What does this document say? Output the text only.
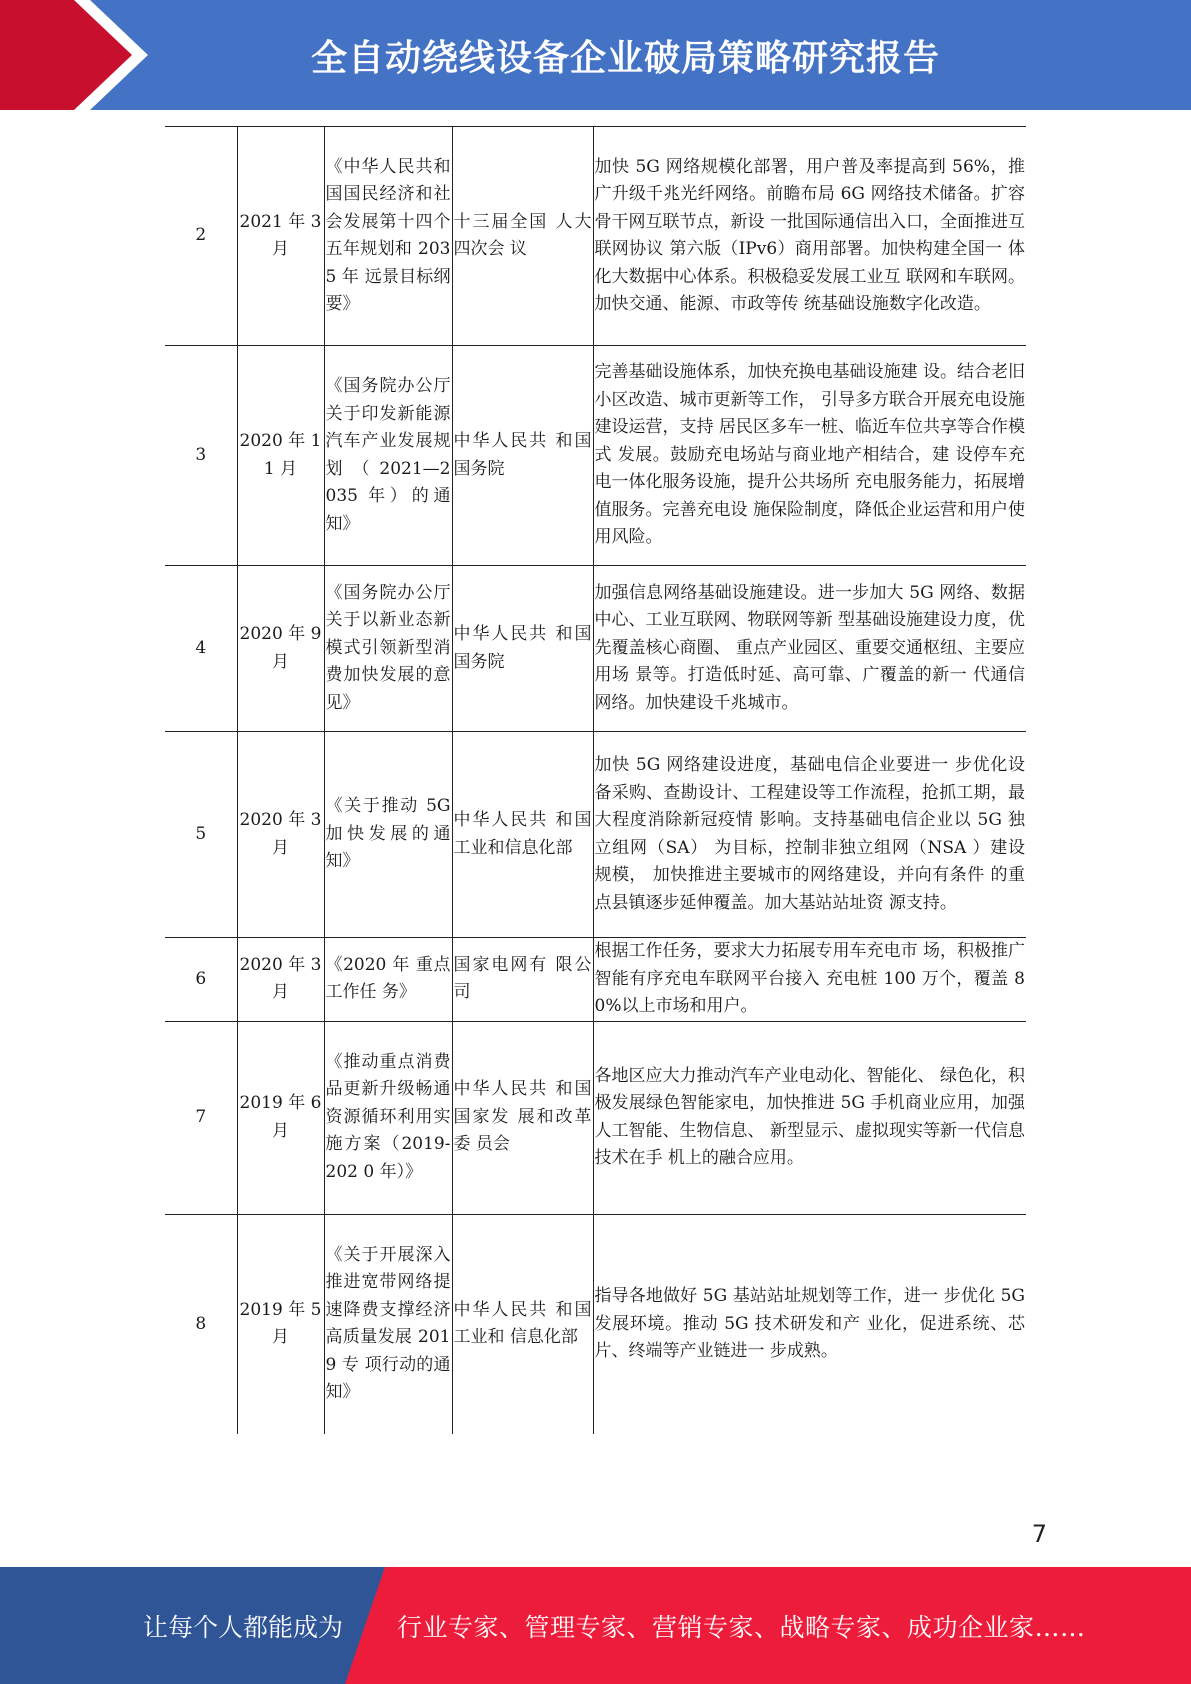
全自动绕线设备企业破局策略研究报告
2	2021 年 3 月	《中华人民共和国国民经济和社会发展第十四个五年规划和 2035 年 远景目标纲 要》	十三届全国 人大四次会 议	加快 5G 网络规模化部署，用户普及率提高到 56%，推广升级千兆光纤网络。前瞻布局 6G 网络技术储备。扩容骨干网互联节点，新设 一批国际通信出入口，全面推进互联网协议 第六版（IPv6）商用部署。加快构建全国一 体化大数据中心体系。积极稳妥发展工业互 联网和车联网。加快交通、能源、市政等传 统基础设施数字化改造。
3	2020 年 11 月	《国务院办公厅关于印发新能源汽车产业发展规 划 （ 2021—2035 年）的通知》	中华人民共 和国国务院	完善基础设施体系，加快充换电基础设施建 设。结合老旧小区改造、城市更新等工作， 引导多方联合开展充电设施建设运营，支持 居民区多车一桩、临近车位共享等合作模式 发展。鼓励充电场站与商业地产相结合，建 设停车充电一体化服务设施，提升公共场所 充电服务能力，拓展增值服务。完善充电设 施保险制度，降低企业运营和用户使用风险。
4	2020 年 9 月	《国务院办公厅关于以新业态新模式引领新型消费加快发展的意见》	中华人民共 和国国务院	加强信息网络基础设施建设。进一步加大 5G 网络、数据中心、工业互联网、物联网等新 型基础设施建设力度，优先覆盖核心商圈、 重点产业园区、重要交通枢纽、主要应用场 景等。打造低时延、高可靠、广覆盖的新一 代通信网络。加快建设千兆城市。
5	2020 年 3 月	《关于推动 5G 加快发展的通知》	中华人民共 和国工业和信息化部	加快 5G 网络建设进度，基础电信企业要进一 步优化设备采购、查勘设计、工程建设等工作流程，抢抓工期，最大程度消除新冠疫情 影响。支持基础电信企业以 5G 独立组网（SA） 为目标，控制非独立组网（NSA ）建设规模， 加快推进主要城市的网络建设，并向有条件 的重点县镇逐步延伸覆盖。加大基站站址资 源支持。
6	2020 年 3 月	《2020 年 重点工作任 务》	国家电网有 限公司	根据工作任务，要求大力拓展专用车充电市 场，积极推广智能有序充电车联网平台接入 充电桩 100 万个，覆盖 80%以上市场和用户。
7	2019 年 6 月	《推动重点消费品更新升级畅通资源循环利用实施方案（2019-202 0 年）》	中华人民共 和国国家发 展和改革委 员会	各地区应大力推动汽车产业电动化、智能化、 绿色化，积极发展绿色智能家电，加快推进 5G 手机商业应用，加强人工智能、生物信息、 新型显示、虚拟现实等新一代信息技术在手 机上的融合应用。
8	2019 年 5 月	《关于开展深入推进宽带网络提速降费支撑经济高质量发展 2019 专 项行动的通 知》	中华人民共 和国工业和 信息化部	指导各地做好 5G 基站站址规划等工作，进一 步优化 5G 发展环境。推动 5G 技术研发和产 业化，促进系统、芯片、终端等产业链进一 步成熟。
7
让每个人都能成为 行业专家、管理专家、营销专家、战略专家、成功企业家……
